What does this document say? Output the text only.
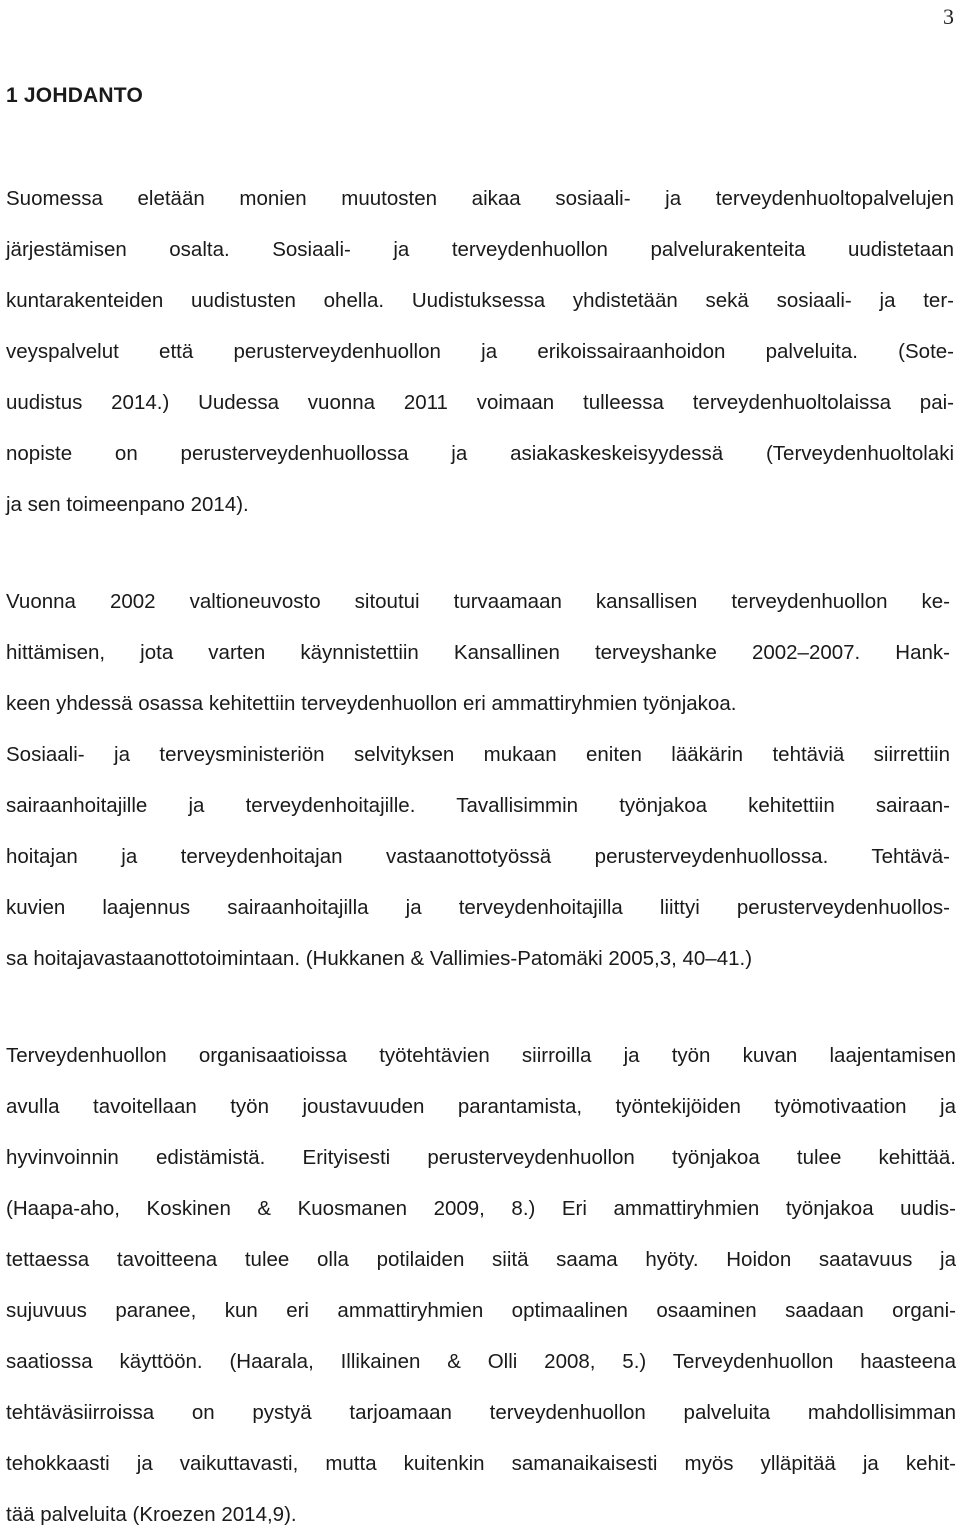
3
1 JOHDANTO

Suomessa eletään monien muutosten aikaa sosiaali- ja terveydenhuoltopalvelujen
järjestämisen osalta. Sosiaali- ja terveydenhuollon palvelurakenteita uudistetaan
kuntarakenteiden uudistusten ohella. Uudistuksessa yhdistetään sekä sosiaali- ja ter-
veyspalvelut että perusterveydenhuollon ja erikoissairaanhoidon palveluita. (Sote-
uudistus 2014.) Uudessa vuonna 2011 voimaan tulleessa terveydenhuoltolaissa pai-
nopiste on perusterveydenhuollossa ja asiakaskeskeisyydessä (Terveydenhuoltolaki
ja sen toimeenpano 2014).

Vuonna 2002 valtioneuvosto sitoutui turvaamaan kansallisen terveydenhuollon ke-
hittämisen, jota varten käynnistettiin Kansallinen terveyshanke 2002–2007. Hank-
keen yhdessä osassa kehitettiin terveydenhuollon eri ammattiryhmien työnjakoa.
Sosiaali- ja terveysministeriön selvityksen mukaan eniten lääkärin tehtäviä siirrettiin
sairaanhoitajille ja terveydenhoitajille. Tavallisimmin työnjakoa kehitettiin sairaan-
hoitajan ja terveydenhoitajan vastaanottotyössä perusterveydenhuollossa. Tehtävä-
kuvien laajennus sairaanhoitajilla ja terveydenhoitajilla liittyi perusterveydenhuollos-
sa hoitajavastaanottotoimintaan. (Hukkanen & Vallimies-Patomäki 2005,3, 40–41.)

Terveydenhuollon organisaatioissa työtehtävien siirroilla ja työn kuvan laajentamisen
avulla tavoitellaan työn joustavuuden parantamista, työntekijöiden työmotivaation ja
hyvinvoinnin edistämistä. Erityisesti perusterveydenhuollon työnjakoa tulee kehittää.
(Haapa-aho, Koskinen & Kuosmanen 2009, 8.) Eri ammattiryhmien työnjakoa uudis-
tettaessa tavoitteena tulee olla potilaiden siitä saama hyöty. Hoidon saatavuus ja
sujuvuus paranee, kun eri ammattiryhmien optimaalinen osaaminen saadaan organi-
saatiossa käyttöön. (Haarala, Illikainen & Olli 2008, 5.) Terveydenhuollon haasteena
tehtäväsiirroissa on pystyä tarjoamaan terveydenhuollon palveluita mahdollisimman
tehokkaasti ja vaikuttavasti, mutta kuitenkin samanaikaisesti myös ylläpitää ja kehit-
tää palveluita (Kroezen 2014,9).
